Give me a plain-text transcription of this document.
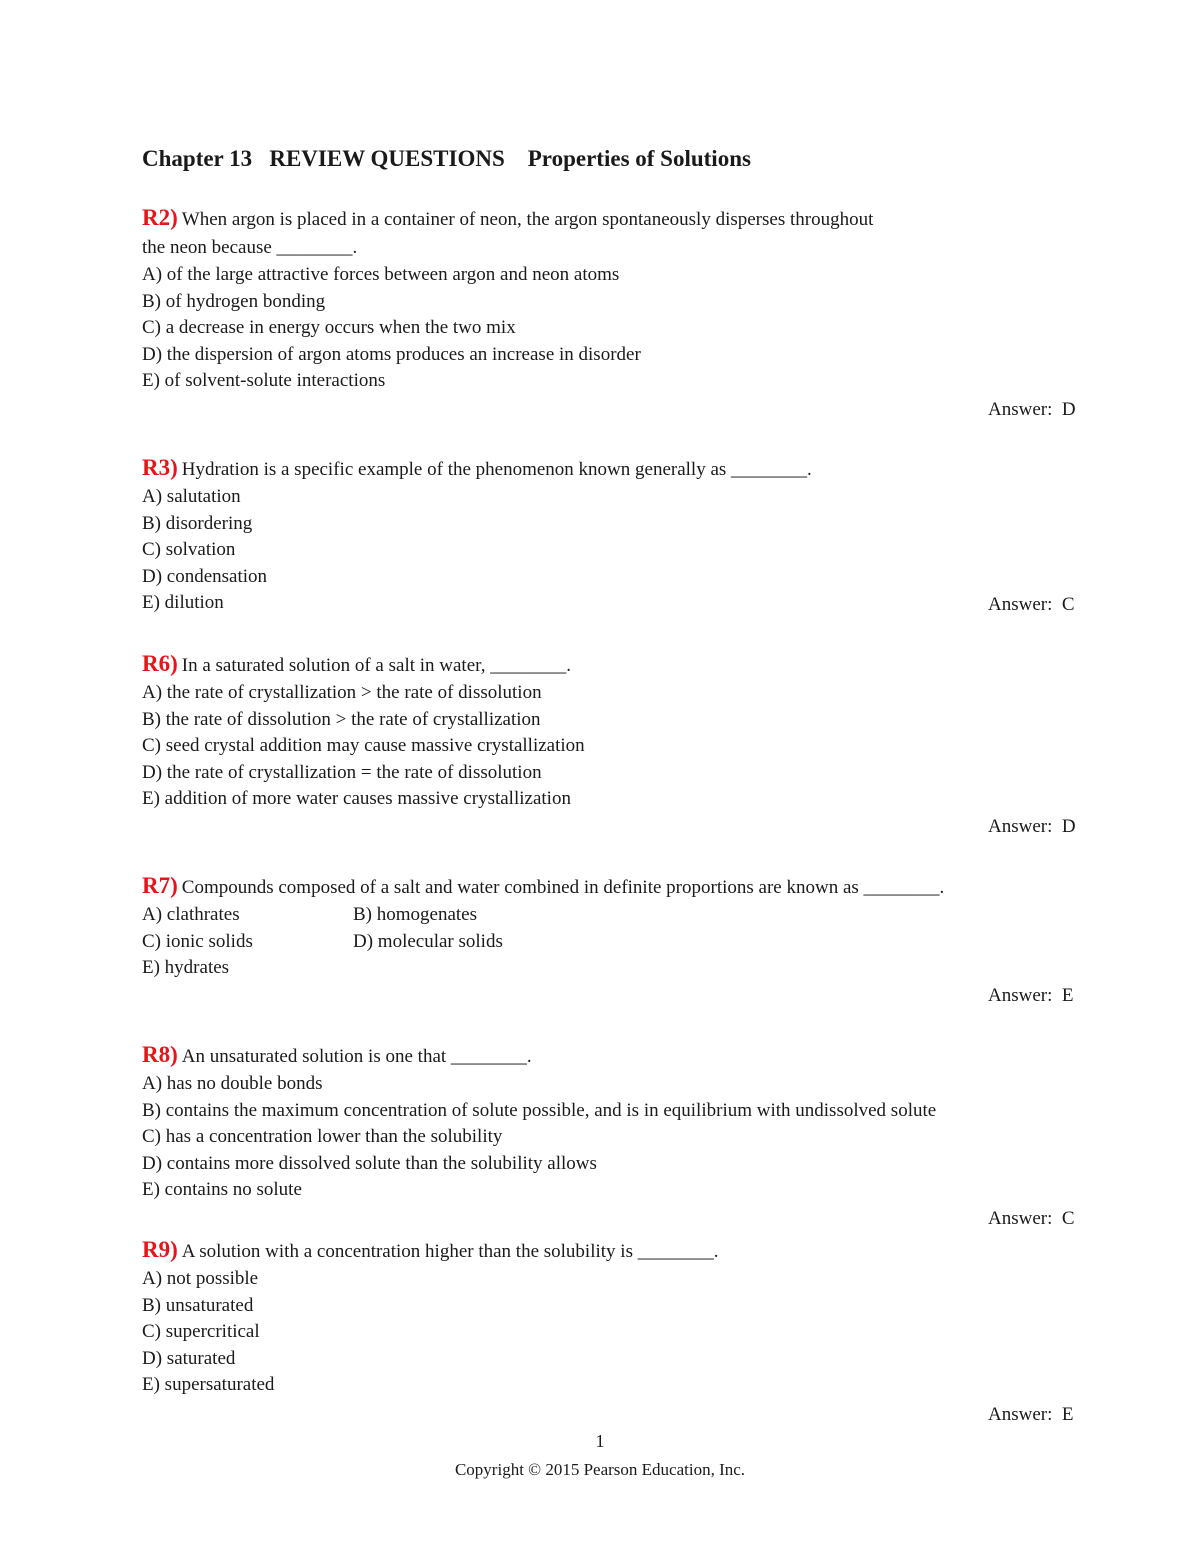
Chapter 13   REVIEW QUESTIONS    Properties of Solutions
R2) When argon is placed in a container of neon, the argon spontaneously disperses throughout
the neon because ________.
A) of the large attractive forces between argon and neon atoms
B) of hydrogen bonding
C) a decrease in energy occurs when the two mix
D) the dispersion of argon atoms produces an increase in disorder
E) of solvent-solute interactions
Answer:  D
R3) Hydration is a specific example of the phenomenon known generally as ________.
A) salutation
B) disordering
C) solvation
D) condensation
E) dilution	Answer:  C
R6) In a saturated solution of a salt in water, ________.
A) the rate of crystallization > the rate of dissolution
B) the rate of dissolution > the rate of crystallization
C) seed crystal addition may cause massive crystallization
D) the rate of crystallization = the rate of dissolution
E) addition of more water causes massive crystallization
Answer:  D
R7) Compounds composed of a salt and water combined in definite proportions are known as ________.
A) clathrates	B) homogenates
C) ionic solids	D) molecular solids
E) hydrates
Answer:  E
R8) An unsaturated solution is one that ________.
A) has no double bonds
B) contains the maximum concentration of solute possible, and is in equilibrium with undissolved solute
C) has a concentration lower than the solubility
D) contains more dissolved solute than the solubility allows
E) contains no solute
Answer:  C
R9) A solution with a concentration higher than the solubility is ________.
A) not possible
B) unsaturated
C) supercritical
D) saturated
E) supersaturated
Answer:  E
1
Copyright © 2015 Pearson Education, Inc.
